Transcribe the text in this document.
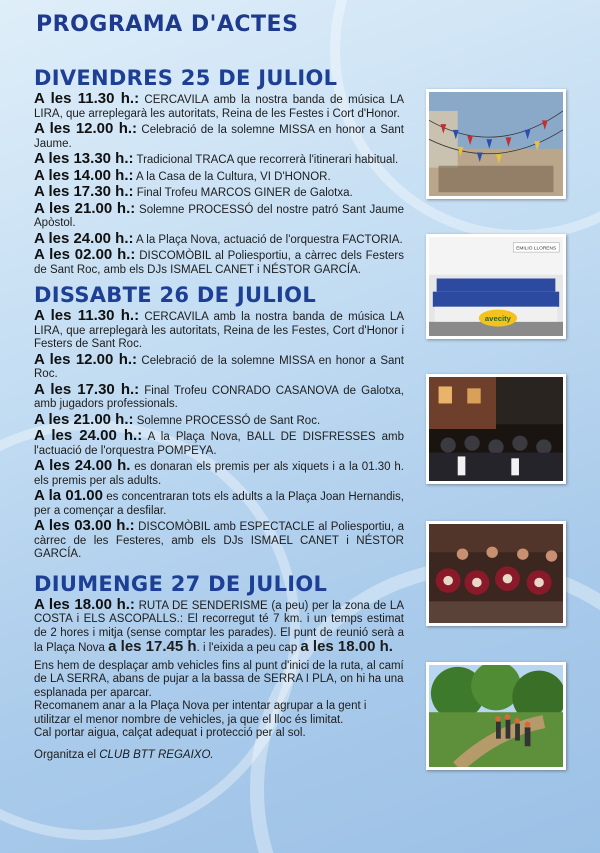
PROGRAMA D'ACTES
DIVENDRES 25 DE JULIOL

A les 11.30 h.: CERCAVILA amb la nostra banda de música LA LIRA, que arreplegarà les autoritats, Reina de les Festes i Cort d'Honor.

A les 12.00 h.: Celebració de la solemne MISSA en honor a Sant Jaume.

A les 13.30 h.: Tradicional TRACA que recorrerà l'itinerari habitual.

A les 14.00 h.: A la Casa de la Cultura, VI D'HONOR.

A les 17.30 h.: Final Trofeu MARCOS GINER de Galotxa.

A les 21.00 h.: Solemne PROCESSÓ del nostre patró Sant Jaume Apòstol.

A les 24.00 h.: A la Plaça Nova, actuació de l'orquestra FACTORIA.

A les 02.00 h.: DISCOMÒBIL al Poliesportiu, a càrrec dels Festers de Sant Roc, amb els DJs ISMAEL CANET i NÉSTOR GARCÍA.

DISSABTE 26 DE JULIOL

A les 11.30 h.: CERCAVILA amb la nostra banda de música LA LIRA, que arreplegarà les autoritats, Reina de les Festes, Cort d'Honor i Festers de Sant Roc.

A les 12.00 h.: Celebració de la solemne MISSA en honor a Sant Roc.

A les 17.30 h.: Final Trofeu CONRADO CASANOVA de Galotxa, amb jugadors professionals.

A les 21.00 h.: Solemne PROCESSÓ de Sant Roc.

A les 24.00 h.: A la Plaça Nova, BALL DE DISFRESSES amb l'actuació de l'orquestra POMPEYA.

A les 24.00 h. es donaran els premis per als xiquets i a la 01.30 h. els premis per als adults.

A la 01.00 es concentraran tots els adults a la Plaça Joan Hernandis, per a començar a desfilar.

A les 03.00 h.: DISCOMÒBIL amb ESPECTACLE al Poliesportiu, a càrrec de les Festeres, amb els DJs ISMAEL CANET i NÉSTOR GARCÍA.

DIUMENGE 27 DE JULIOL

A les 18.00 h.: RUTA DE SENDERISME (a peu) per la zona de LA COSTA i ELS ASCOPALLS.: El recorregut té 7 km. i un temps estimat de 2 hores i mitja (sense comptar les parades). El punt de reunió serà a la Plaça Nova a les 17.45 h. i l'eixida a peu cap a les 18.00 h.

Ens hem de desplaçar amb vehicles fins al punt d'inici de la ruta, al camí de LA SERRA, abans de pujar a la bassa de SERRA I PLA, on hi ha una esplanada per aparcar.

Recomanem anar a la Plaça Nova per intentar agrupar a la gent i utilitzar el menor nombre de vehicles, ja que el lloc és limitat.

Cal portar aigua, calçat adequat i protecció per al sol.

Organitza el CLUB BTT REGAIXO.

EMILIO LLORENS
avecity
